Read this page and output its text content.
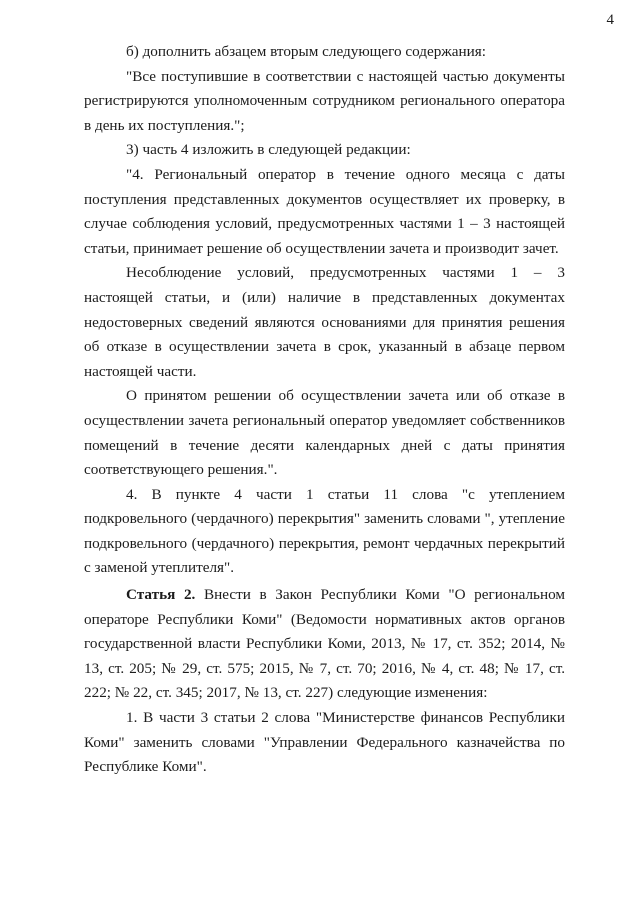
4

б) дополнить абзацем вторым следующего содержания:

"Все поступившие в соответствии с настоящей частью документы регистрируются уполномоченным сотрудником регионального оператора в день их поступления.";

3) часть 4 изложить в следующей редакции:

"4. Региональный оператор в течение одного месяца с даты поступления представленных документов осуществляет их проверку, в случае соблюдения условий, предусмотренных частями 1 – 3 настоящей статьи, принимает решение об осуществлении зачета и производит зачет.

Несоблюдение условий, предусмотренных частями 1 – 3 настоящей статьи, и (или) наличие в представленных документах недостоверных сведений являются основаниями для принятия решения об отказе в осуществлении зачета в срок, указанный в абзаце первом настоящей части.

О принятом решении об осуществлении зачета или об отказе в осуществлении зачета региональный оператор уведомляет собственников помещений в течение десяти календарных дней с даты принятия соответствующего решения.".

4. В пункте 4 части 1 статьи 11 слова "с утеплением подкровельного (чердачного) перекрытия" заменить словами ", утепление подкровельного (чердачного) перекрытия, ремонт чердачных перекрытий с заменой утеплителя".

Статья 2. Внести в Закон Республики Коми "О региональном операторе Республики Коми" (Ведомости нормативных актов органов государственной власти Республики Коми, 2013, № 17, ст. 352; 2014, № 13, ст. 205; № 29, ст. 575; 2015, № 7, ст. 70; 2016, № 4, ст. 48; № 17, ст. 222; № 22, ст. 345; 2017, № 13, ст. 227) следующие изменения:

1. В части 3 статьи 2 слова "Министерстве финансов Республики Коми" заменить словами "Управлении Федерального казначейства по Республике Коми".
